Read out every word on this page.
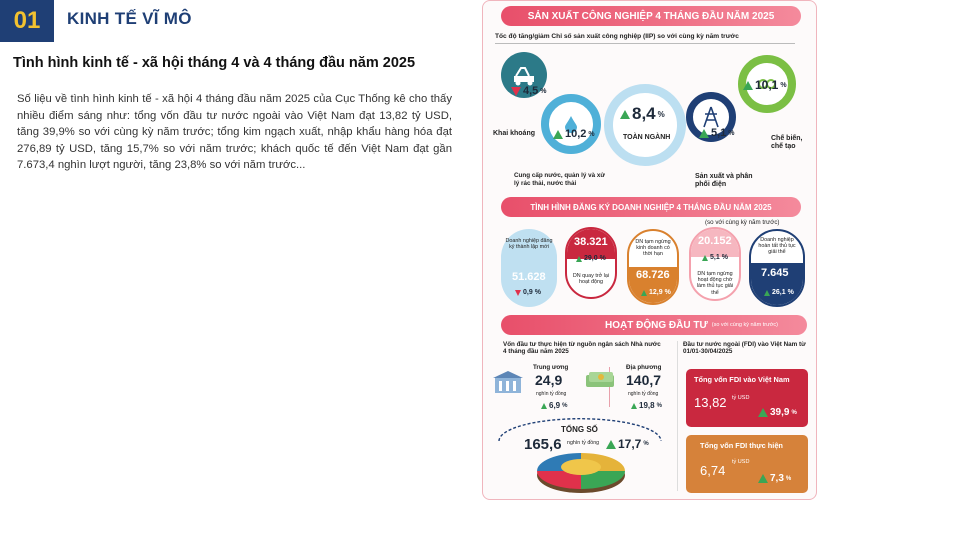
01	KINH TẾ VĨ MÔ
Tình hình kinh tế - xã hội tháng 4 và 4 tháng đầu năm 2025
Số liệu về tình hình kinh tế - xã hội 4 tháng đầu năm 2025 của Cục Thống kê cho thấy nhiều điểm sáng như: tổng vốn đầu tư nước ngoài vào Việt Nam đạt 13,82 tỷ USD, tăng 39,9% so với cùng kỳ năm trước; tổng kim ngạch xuất, nhập khẩu hàng hóa đạt 276,89 tỷ USD, tăng 15,7% so với năm trước; khách quốc tế đến Việt Nam đạt gần 7.673,4 nghìn lượt người, tăng 23,8% so với năm trước...
SẢN XUẤT CÔNG NGHIỆP 4 THÁNG ĐẦU NĂM 2025
Tốc độ tăng/giảm Chỉ số sản xuất công nghiệp (IIP) so với cùng kỳ năm trước
4,5 %
Khai khoáng	10,2 %
Cung cấp nước, quản lý và xử lý rác thải, nước thải
8,4 %
TOÀN NGÀNH	5,1 %
Sản xuất và phân phối điện
10,1 %
Chế biến, chế tạo
TÌNH HÌNH ĐĂNG KÝ DOANH NGHIỆP 4 THÁNG ĐẦU NĂM 2025
(so với cùng kỳ năm trước)
Doanh nghiệp đăng ký thành lập mới
51.628
0,9 %
38.321
29,0 %
DN quay trở lại hoạt động
DN tạm ngừng kinh doanh có thời hạn
68.726
12,9 %
20.152
5,1 %
DN tạm ngừng hoạt động chờ làm thủ tục giải thể
Doanh nghiệp hoàn tất thủ tục giải thể
7.645
26,1 %
HOẠT ĐỘNG ĐẦU TƯ (so với cùng kỳ năm trước)
Vốn đầu tư thực hiện từ nguồn ngân sách Nhà nước 4 tháng đầu năm 2025
Đầu tư nước ngoài (FDI) vào Việt Nam từ 01/01-30/04/2025
Trung ương
24,9
nghìn tỷ đồng
6,9 %
Địa phương
140,7
nghìn tỷ đồng
19,8 %
TỔNG SỐ
165,6 nghìn tỷ đồng 17,7 %
Tổng vốn FDI vào Việt Nam
13,82 tỷ USD
39,9 %
Tổng vốn FDI thực hiện
6,74
tỷ USD
7,3 %
